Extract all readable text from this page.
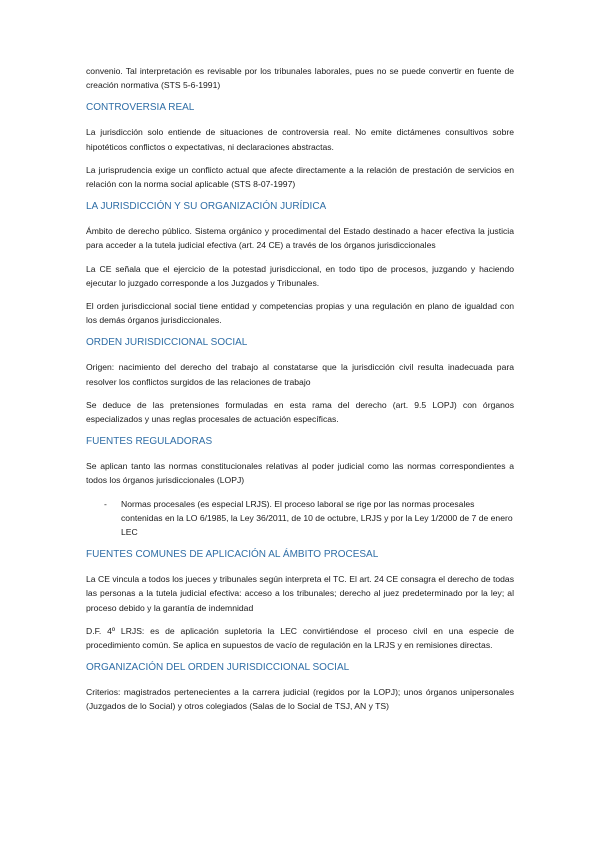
convenio. Tal interpretación es revisable por los tribunales laborales, pues no se puede convertir en fuente de creación normativa (STS 5-6-1991)

CONTROVERSIA REAL

La jurisdicción solo entiende de situaciones de controversia real. No emite dictámenes consultivos sobre hipotéticos conflictos o expectativas, ni declaraciones abstractas.

La jurisprudencia exige un conflicto actual que afecte directamente a la relación de prestación de servicios en relación con la norma social aplicable (STS 8-07-1997)

LA JURISDICCIÓN Y SU ORGANIZACIÓN JURÍDICA

Ámbito de derecho público. Sistema orgánico y procedimental del Estado destinado a hacer efectiva la justicia para acceder a la tutela judicial efectiva (art. 24 CE) a través de los órganos jurisdiccionales

La CE señala que el ejercicio de la potestad jurisdiccional, en todo tipo de procesos, juzgando y haciendo ejecutar lo juzgado corresponde a los Juzgados y Tribunales.

El orden jurisdiccional social tiene entidad y competencias propias y una regulación en plano de igualdad con los demás órganos jurisdiccionales.

ORDEN JURISDICCIONAL SOCIAL

Origen: nacimiento del derecho del trabajo al constatarse que la jurisdicción civil resulta inadecuada para resolver los conflictos surgidos de las relaciones de trabajo

Se deduce de las pretensiones formuladas en esta rama del derecho (art. 9.5 LOPJ) con órganos especializados y unas reglas procesales de actuación específicas.

FUENTES REGULADORAS

Se aplican tanto las normas constitucionales relativas al poder judicial como las normas correspondientes a todos los órganos jurisdiccionales (LOPJ)

- Normas procesales (es especial LRJS). El proceso laboral se rige por las normas procesales contenidas en la LO 6/1985, la Ley 36/2011, de 10 de octubre, LRJS y por la Ley 1/2000 de 7 de enero LEC
FUENTES COMUNES DE APLICACIÓN AL ÁMBITO PROCESAL

La CE vincula a todos los jueces y tribunales según interpreta el TC. El art. 24 CE consagra el derecho de todas las personas a la tutela judicial efectiva: acceso a los tribunales; derecho al juez predeterminado por la ley; al proceso debido y la garantía de indemnidad

D.F. 4º LRJS: es de aplicación supletoria la LEC convirtiéndose el proceso civil en una especie de procedimiento común. Se aplica en supuestos de vacío de regulación en la LRJS y en remisiones directas.

ORGANIZACIÓN DEL ORDEN JURISDICCIONAL SOCIAL

Criterios: magistrados pertenecientes a la carrera judicial (regidos por la LOPJ); unos órganos unipersonales (Juzgados de lo Social) y otros colegiados (Salas de lo Social de TSJ, AN y TS)
